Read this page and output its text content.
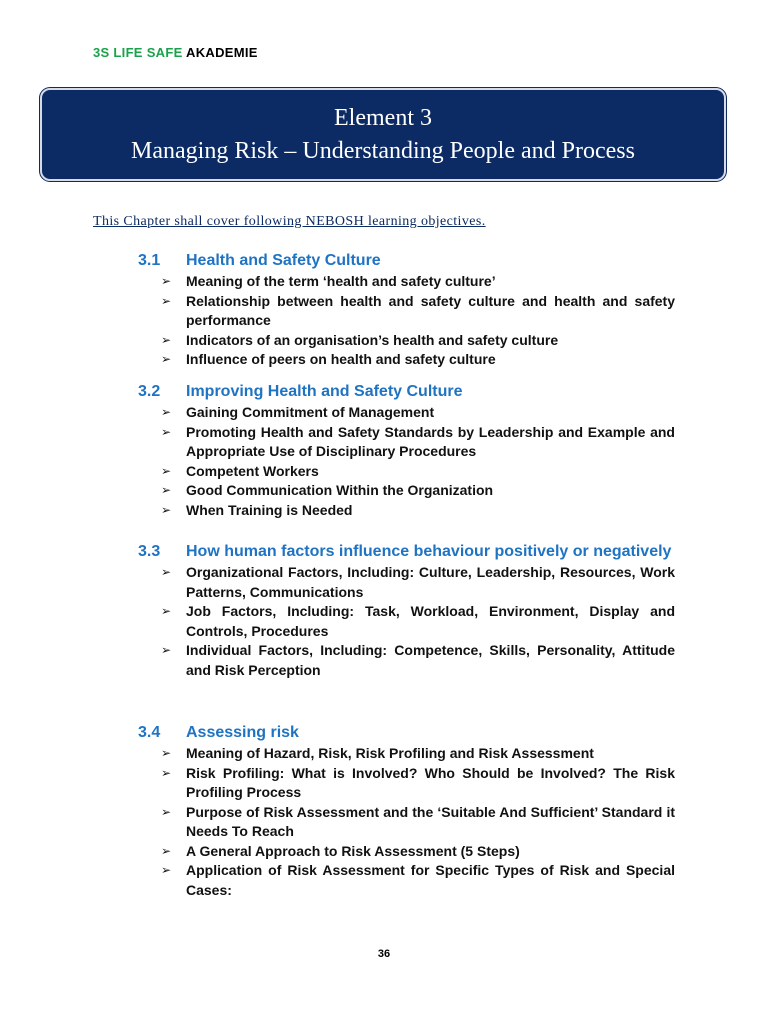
3S LIFE SAFE AKADEMIE
Element 3
Managing Risk – Understanding People and Process
This Chapter shall cover following NEBOSH learning objectives.
3.1	Health and Safety Culture
➢	Meaning of the term ‘health and safety culture’
➢	Relationship between health and safety culture and health and safety performance
➢	Indicators of an organisation’s health and safety culture
➢	Influence of peers on health and safety culture
3.2	Improving Health and Safety Culture
➢	Gaining Commitment of Management
➢	Promoting Health and Safety Standards by Leadership and Example and Appropriate Use of Disciplinary Procedures
➢	Competent Workers
➢	Good Communication Within the Organization
➢	When Training is Needed
3.3	How human factors influence behaviour positively or negatively
➢	Organizational Factors, Including: Culture, Leadership, Resources, Work Patterns, Communications
➢	Job Factors, Including: Task, Workload, Environment, Display and Controls, Procedures
➢	Individual Factors, Including: Competence, Skills, Personality, Attitude and Risk Perception
3.4	Assessing risk
➢	Meaning of Hazard, Risk, Risk Profiling and Risk Assessment
➢	Risk Profiling: What is Involved? Who Should be Involved? The Risk Profiling Process
➢	Purpose of Risk Assessment and the ‘Suitable And Sufficient’ Standard it Needs To Reach
➢	A General Approach to Risk Assessment (5 Steps)
➢	Application of Risk Assessment for Specific Types of Risk and Special Cases:
36
